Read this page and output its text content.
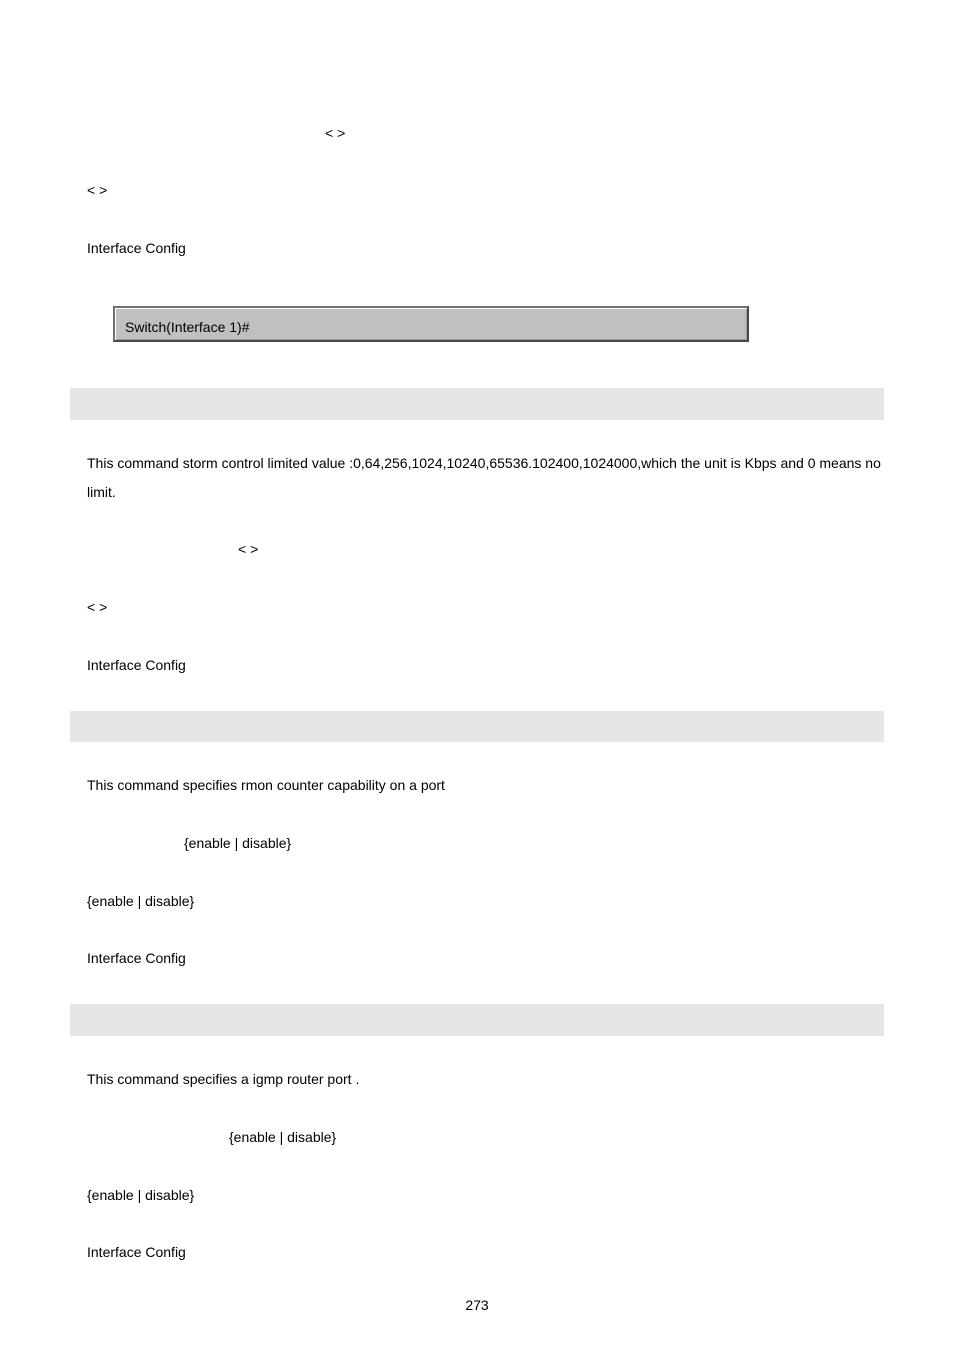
< >
< >
Interface Config
Switch(Interface 1)#
This command storm control limited value :0,64,256,1024,10240,65536.102400,1024000,which the unit is Kbps and 0 means no limit.
< >
< >
Interface Config
This command specifies rmon counter capability on a port
{enable | disable}
{enable | disable}
Interface Config
This command specifies a igmp router port .
{enable | disable}
{enable | disable}
Interface Config
273
